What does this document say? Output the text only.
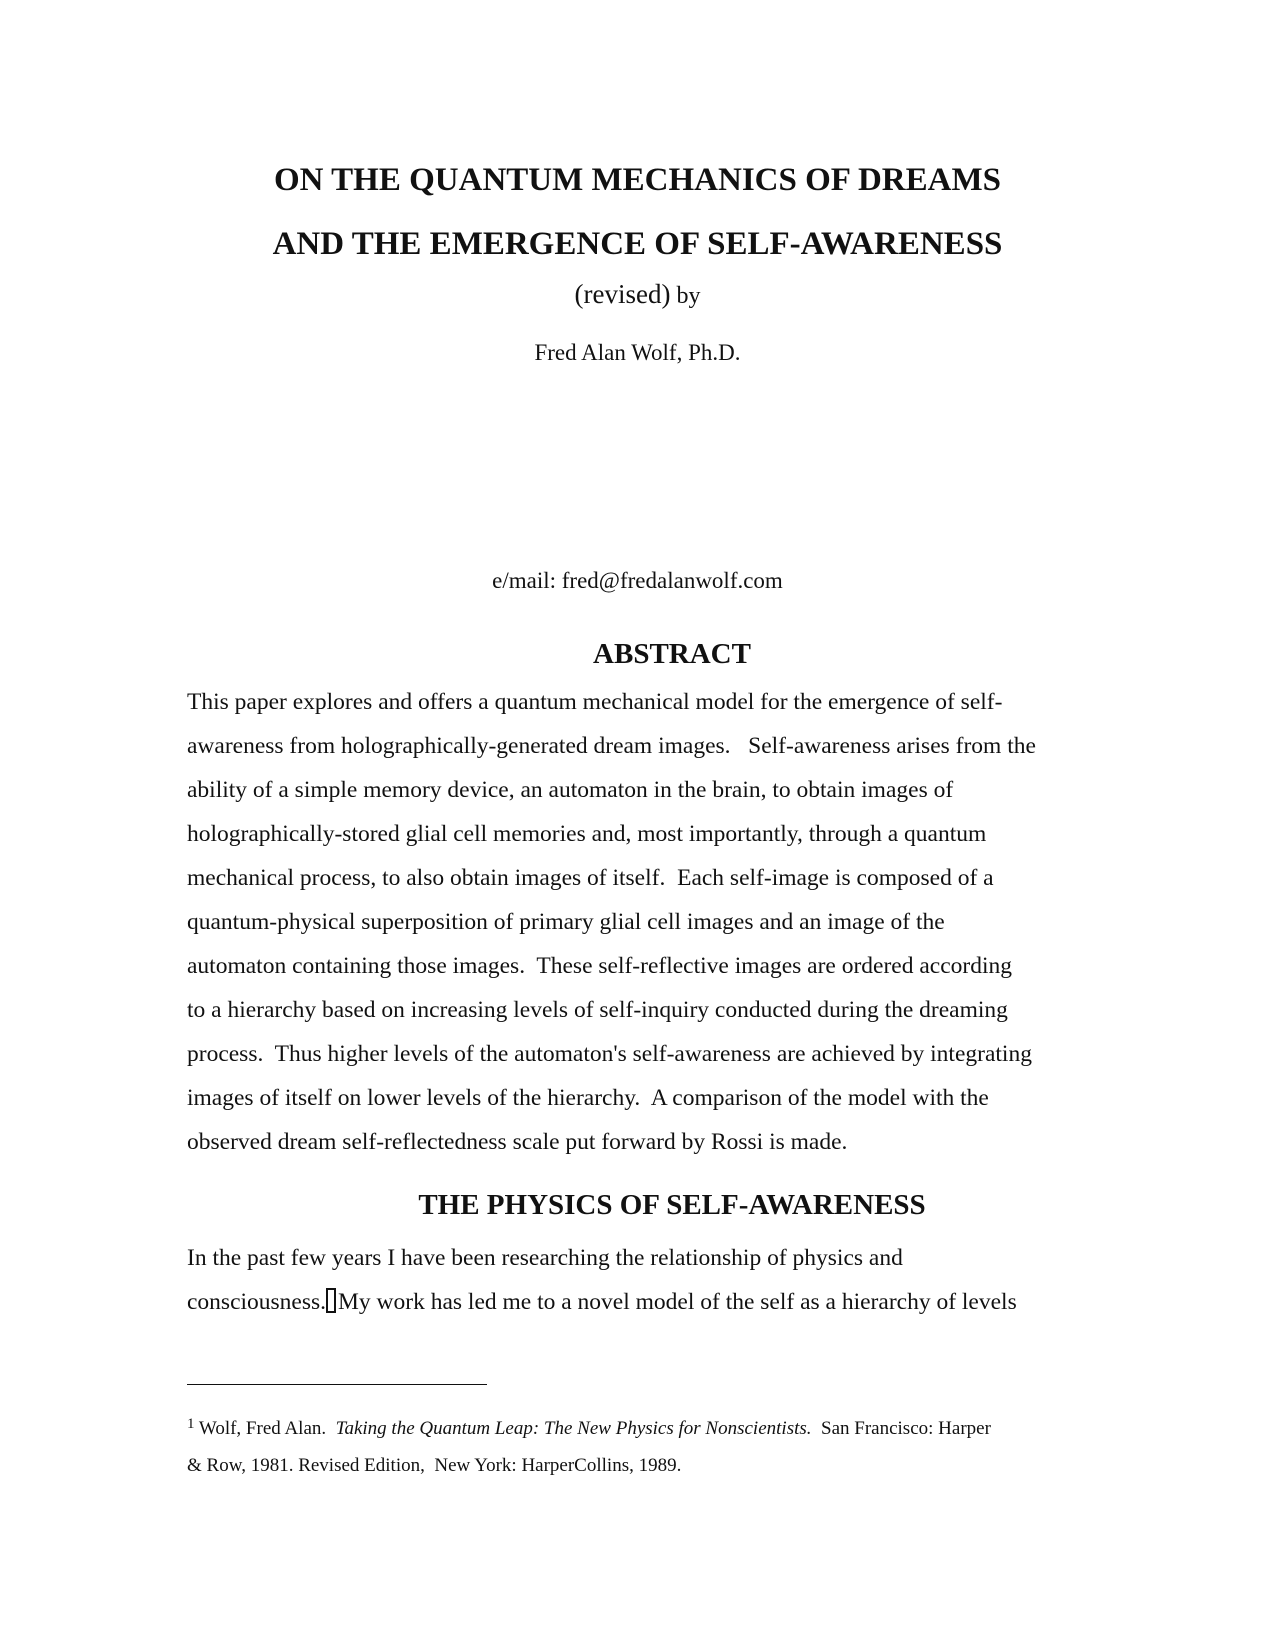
ON THE QUANTUM MECHANICS OF DREAMS
AND THE EMERGENCE OF SELF-AWARENESS
(revised) by
Fred Alan Wolf, Ph.D.
e/mail: fred@fredalanwolf.com
ABSTRACT
This paper explores and offers a quantum mechanical model for the emergence of self-
awareness from holographically-generated dream images.   Self-awareness arises from the
ability of a simple memory device, an automaton in the brain, to obtain images of
holographically-stored glial cell memories and, most importantly, through a quantum
mechanical process, to also obtain images of itself.  Each self-image is composed of a
quantum-physical superposition of primary glial cell images and an image of the
automaton containing those images.  These self-reflective images are ordered according
to a hierarchy based on increasing levels of self-inquiry conducted during the dreaming
process.  Thus higher levels of the automaton's self-awareness are achieved by integrating
images of itself on lower levels of the hierarchy.  A comparison of the model with the
observed dream self-reflectedness scale put forward by Rossi is made.
THE PHYSICS OF SELF-AWARENESS
In the past few years I have been researching the relationship of physics and
consciousness. My work has led me to a novel model of the self as a hierarchy of levels
$^1$ Wolf, Fred Alan.  Taking the Quantum Leap: The New Physics for Nonscientists.  San Francisco: Harper
& Row, 1981. Revised Edition,  New York: HarperCollins, 1989.
